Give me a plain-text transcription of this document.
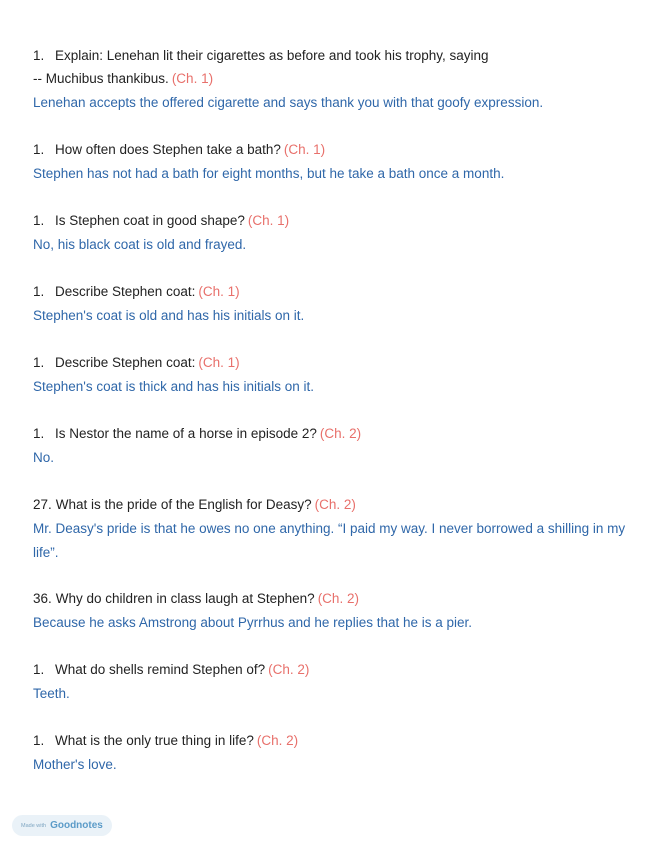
1. Explain: Lenehan lit their cigarettes as before and took his trophy, saying
-- Muchibus thankibus. (Ch. 1)
Lenehan accepts the offered cigarette and says thank you with that goofy expression.
1. How often does Stephen take a bath? (Ch. 1)
Stephen has not had a bath for eight months, but he take a bath once a month.
1. Is Stephen coat in good shape? (Ch. 1)
No, his black coat is old and frayed.
1. Describe Stephen coat: (Ch. 1)
Stephen's coat is old and has his initials on it.
1. Describe Stephen coat: (Ch. 1)
Stephen's coat is thick and has his initials on it.
1. Is Nestor the name of a horse in episode 2? (Ch. 2)
No.
27. What is the pride of the English for Deasy? (Ch. 2)
Mr. Deasy's pride is that he owes no one anything. “I paid my way. I never borrowed a shilling in my life”.
36. Why do children in class laugh at Stephen? (Ch. 2)
Because he asks Amstrong about Pyrrhus and he replies that he is a pier.
1. What do shells remind Stephen of? (Ch. 2)
Teeth.
1. What is the only true thing in life? (Ch. 2)
Mother's love.
Made with Goodnotes
